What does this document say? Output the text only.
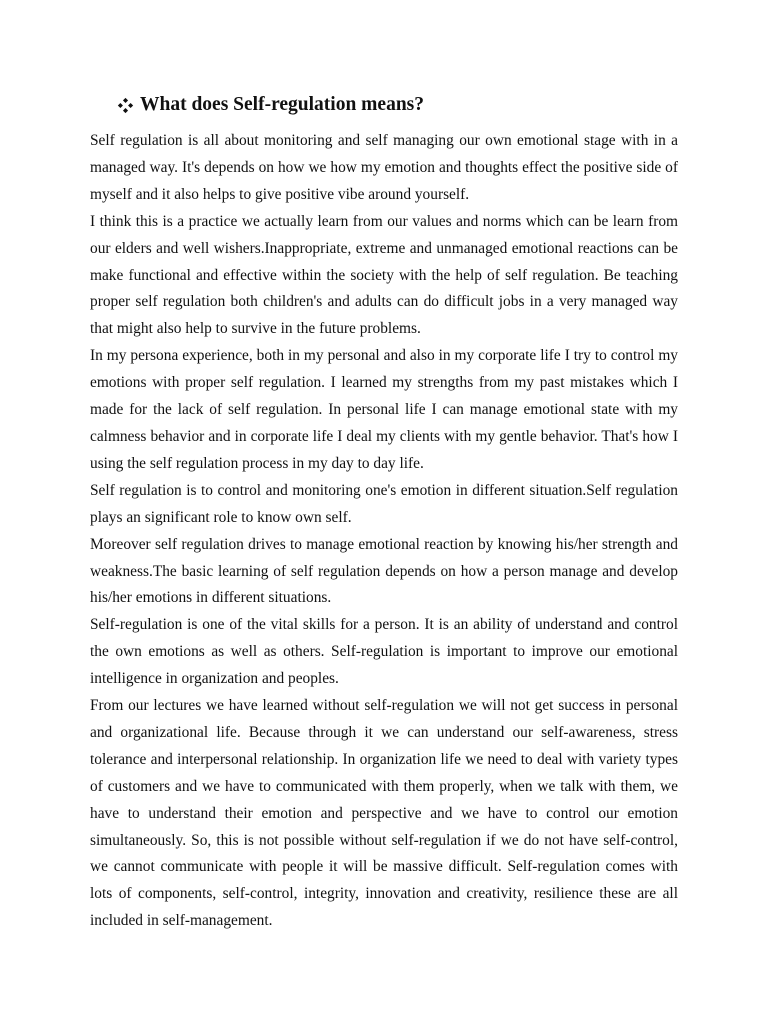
What does Self-regulation means?

Self regulation is all about monitoring and self managing our own emotional stage with in a managed way. It's depends on how we how my emotion and thoughts effect the positive side of myself and it also helps to give positive vibe around yourself.

I think this is a practice we actually learn from our values and norms which can be learn from our elders and well wishers.Inappropriate, extreme and unmanaged emotional reactions can be make functional and effective within the society with the help of self regulation. Be teaching proper self regulation both children's and adults can do difficult jobs in a very managed way that might also help to survive in the future problems.

In my persona experience, both in my personal and also in my corporate life I try to control my emotions with proper self regulation. I learned my strengths from my past mistakes which I made for the lack of self regulation. In personal life I can manage emotional state with my calmness behavior and in corporate life I deal my clients with my gentle behavior. That's how I using the self regulation process in my day to day life.

Self regulation is to control and monitoring one's emotion in different situation.Self regulation plays an significant role to know own self.

Moreover self regulation drives to manage emotional reaction by knowing his/her strength and weakness.The basic learning of self regulation depends on how a person manage and develop his/her emotions in different situations.

Self-regulation is one of the vital skills for a person. It is an ability of understand and control the own emotions as well as others. Self-regulation is important to improve our emotional intelligence in organization and peoples.

From our lectures we have learned without self-regulation we will not get success in personal and organizational life. Because through it we can understand our self-awareness, stress tolerance and interpersonal relationship. In organization life we need to deal with variety types of customers and we have to communicated with them properly, when we talk with them, we have to understand their emotion and perspective and we have to control our emotion simultaneously. So, this is not possible without self-regulation if we do not have self-control, we cannot communicate with people it will be massive difficult. Self-regulation comes with lots of components, self-control, integrity, innovation and creativity, resilience these are all included in self-management.
